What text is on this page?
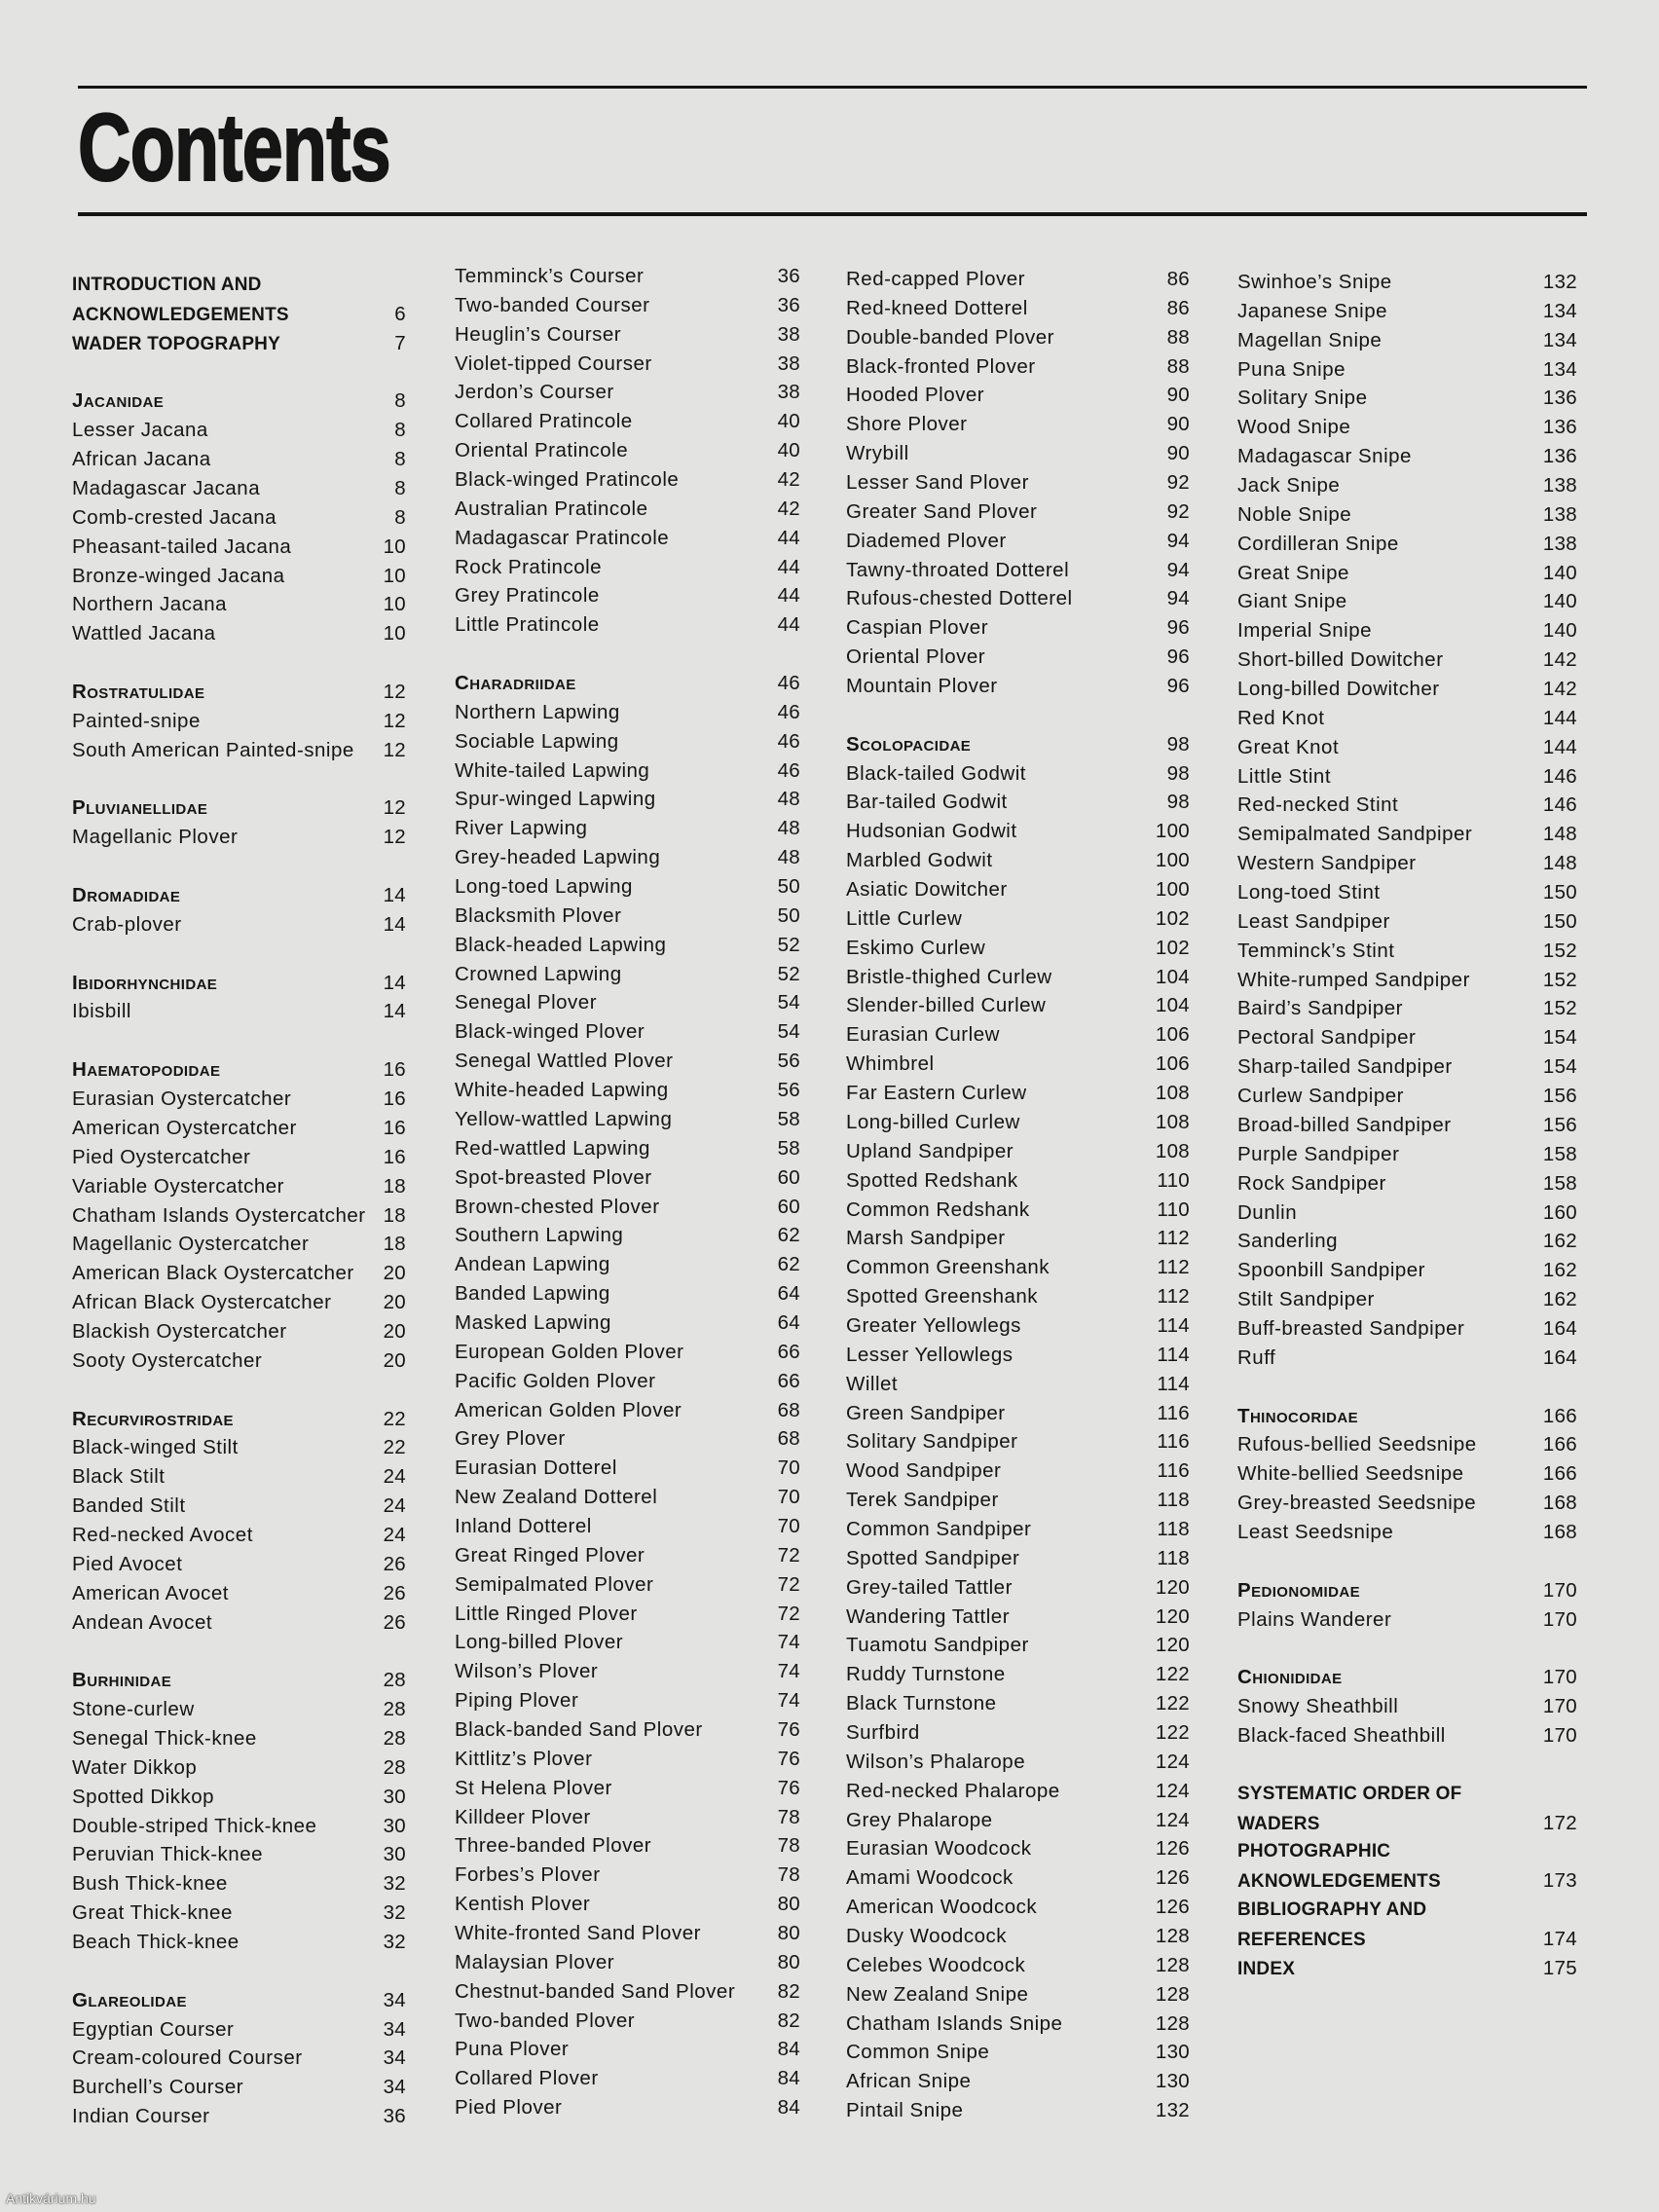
Contents
INTRODUCTION AND
ACKNOWLEDGEMENTS	6
WADER TOPOGRAPHY	7
JACANIDAE	8
Lesser Jacana	8
African Jacana	8
Madagascar Jacana	8
Comb-crested Jacana	8
Pheasant-tailed Jacana	10
Bronze-winged Jacana	10
Northern Jacana	10
Wattled Jacana	10
ROSTRATULIDAE	12
Painted-snipe	12
South American Painted-snipe 12
PLUVIANELLIDAE	12
Magellanic Plover	12
DROMADIDAE	14
Crab-plover	14
IBIDORHYNCHIDAE	14
Ibisbill	14
HAEMATOPODIDAE	16
Eurasian Oystercatcher	16
American Oystercatcher	16
Pied Oystercatcher	16
Variable Oystercatcher	18
Chatham Islands Oystercatcher 18
Magellanic Oystercatcher	18
American Black Oystercatcher 20
African Black Oystercatcher	20
Blackish Oystercatcher	20
Sooty Oystercatcher	20
RECURVIROSTRIDAE	22
Black-winged Stilt	22
Black Stilt	24
Banded Stilt	24
Red-necked Avocet	24
Pied Avocet	26
American Avocet	26
Andean Avocet	26
BURHINIDAE	28
Stone-curlew	28
Senegal Thick-knee	28
Water Dikkop	28
Spotted Dikkop	30
Double-striped Thick-knee	30
Peruvian Thick-knee	30
Bush Thick-knee	32
Great Thick-knee	32
Beach Thick-knee	32
GLAREOLIDAE	34
Egyptian Courser	34
Cream-coloured Courser	34
Burchell’s Courser	34
Indian Courser	36
Temminck’s Courser	36
Two-banded Courser	36
Heuglin’s Courser	38
Violet-tipped Courser	38
Jerdon’s Courser	38
Collared Pratincole	40
Oriental Pratincole	40
Black-winged Pratincole	42
Australian Pratincole	42
Madagascar Pratincole	44
Rock Pratincole	44
Grey Pratincole	44
Little Pratincole	44
CHARADRIIDAE	46
Northern Lapwing	46
Sociable Lapwing	46
White-tailed Lapwing	46
Spur-winged Lapwing	48
River Lapwing	48
Grey-headed Lapwing	48
Long-toed Lapwing	50
Blacksmith Plover	50
Black-headed Lapwing	52
Crowned Lapwing	52
Senegal Plover	54
Black-winged Plover	54
Senegal Wattled Plover	56
White-headed Lapwing	56
Yellow-wattled Lapwing	58
Red-wattled Lapwing	58
Spot-breasted Plover	60
Brown-chested Plover	60
Southern Lapwing	62
Andean Lapwing	62
Banded Lapwing	64
Masked Lapwing	64
European Golden Plover	66
Pacific Golden Plover	66
American Golden Plover	68
Grey Plover	68
Eurasian Dotterel	70
New Zealand Dotterel	70
Inland Dotterel	70
Great Ringed Plover	72
Semipalmated Plover	72
Little Ringed Plover	72
Long-billed Plover	74
Wilson’s Plover	74
Piping Plover	74
Black-banded Sand Plover	76
Kittlitz’s Plover	76
St Helena Plover	76
Killdeer Plover	78
Three-banded Plover	78
Forbes’s Plover	78
Kentish Plover	80
White-fronted Sand Plover	80
Malaysian Plover	80
Chestnut-banded Sand Plover 82
Two-banded Plover	82
Puna Plover	84
Collared Plover	84
Pied Plover	84
Red-capped Plover	86
Red-kneed Dotterel	86
Double-banded Plover	88
Black-fronted Plover	88
Hooded Plover	90
Shore Plover	90
Wrybill	90
Lesser Sand Plover	92
Greater Sand Plover	92
Diademed Plover	94
Tawny-throated Dotterel	94
Rufous-chested Dotterel	94
Caspian Plover	96
Oriental Plover	96
Mountain Plover	96
SCOLOPACIDAE	98
Black-tailed Godwit	98
Bar-tailed Godwit	98
Hudsonian Godwit	100
Marbled Godwit	100
Asiatic Dowitcher	100
Little Curlew	102
Eskimo Curlew	102
Bristle-thighed Curlew	104
Slender-billed Curlew	104
Eurasian Curlew	106
Whimbrel	106
Far Eastern Curlew	108
Long-billed Curlew	108
Upland Sandpiper	108
Spotted Redshank	110
Common Redshank	110
Marsh Sandpiper	112
Common Greenshank	112
Spotted Greenshank	112
Greater Yellowlegs	114
Lesser Yellowlegs	114
Willet	114
Green Sandpiper	116
Solitary Sandpiper	116
Wood Sandpiper	116
Terek Sandpiper	118
Common Sandpiper	118
Spotted Sandpiper	118
Grey-tailed Tattler	120
Wandering Tattler	120
Tuamotu Sandpiper	120
Ruddy Turnstone	122
Black Turnstone	122
Surfbird	122
Wilson’s Phalarope	124
Red-necked Phalarope	124
Grey Phalarope	124
Eurasian Woodcock	126
Amami Woodcock	126
American Woodcock	126
Dusky Woodcock	128
Celebes Woodcock	128
New Zealand Snipe	128
Chatham Islands Snipe	128
Common Snipe	130
African Snipe	130
Pintail Snipe	132
Swinhoe’s Snipe	132
Japanese Snipe	134
Magellan Snipe	134
Puna Snipe	134
Solitary Snipe	136
Wood Snipe	136
Madagascar Snipe	136
Jack Snipe	138
Noble Snipe	138
Cordilleran Snipe	138
Great Snipe	140
Giant Snipe	140
Imperial Snipe	140
Short-billed Dowitcher	142
Long-billed Dowitcher	142
Red Knot	144
Great Knot	144
Little Stint	146
Red-necked Stint	146
Semipalmated Sandpiper	148
Western Sandpiper	148
Long-toed Stint	150
Least Sandpiper	150
Temminck’s Stint	152
White-rumped Sandpiper	152
Baird’s Sandpiper	152
Pectoral Sandpiper	154
Sharp-tailed Sandpiper	154
Curlew Sandpiper	156
Broad-billed Sandpiper	156
Purple Sandpiper	158
Rock Sandpiper	158
Dunlin	160
Sanderling	162
Spoonbill Sandpiper	162
Stilt Sandpiper	162
Buff-breasted Sandpiper	164
Ruff	164
THINOCORIDAE	166
Rufous-bellied Seedsnipe	166
White-bellied Seedsnipe	166
Grey-breasted Seedsnipe	168
Least Seedsnipe	168
PEDIONOMIDAE	170
Plains Wanderer	170
CHIONIDIDAE	170
Snowy Sheathbill	170
Black-faced Sheathbill	170
SYSTEMATIC ORDER OF
WADERS	172
PHOTOGRAPHIC
AKNOWLEDGEMENTS	173
BIBLIOGRAPHY AND
REFERENCES	174
INDEX	175
Antikvárium.hu
